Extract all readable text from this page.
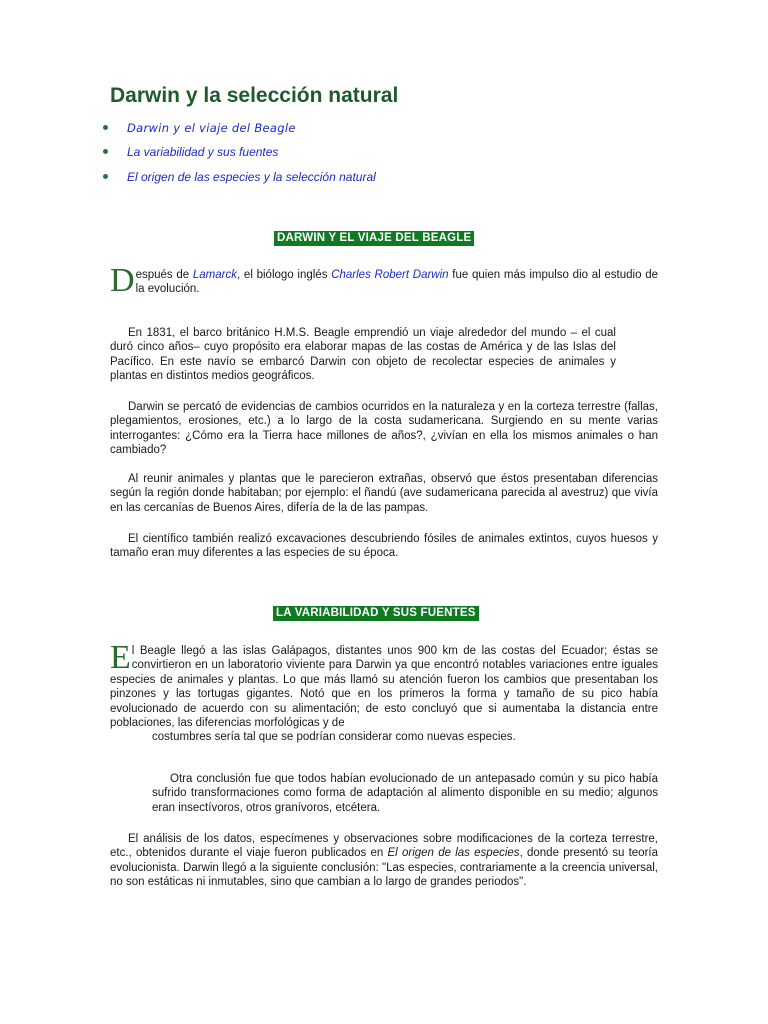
Darwin y la selección natural
Darwin y el viaje del Beagle
La variabilidad y sus fuentes
El origen de las especies y la selección natural
DARWIN Y EL VIAJE DEL BEAGLE

Después de Lamarck, el biólogo inglés Charles Robert Darwin fue quien más impulso dio al estudio de la evolución.

En 1831, el barco británico H.M.S. Beagle emprendió un viaje alrededor del mundo – el cual duró cinco años– cuyo propósito era elaborar mapas de las costas de América y de las Islas del Pacífico. En este navío se embarcó Darwin con objeto de recolectar especies de animales y plantas en distintos medios geográficos.

Darwin se percató de evidencias de cambios ocurridos en la naturaleza y en la corteza terrestre (fallas, plegamientos, erosiones, etc.) a lo largo de la costa sudamericana. Surgiendo en su mente varias interrogantes: ¿Cómo era la Tierra hace millones de años?, ¿vivían en ella los mismos animales o han cambiado?

Al reunir animales y plantas que le parecieron extrañas, observó que éstos presentaban diferencias según la región donde habitaban; por ejemplo: el ñandú (ave sudamericana parecida al avestruz) que vivía en las cercanías de Buenos Aires, difería de la de las pampas.

El científico también realizó excavaciones descubriendo fósiles de animales extintos, cuyos huesos y tamaño eran muy diferentes a las especies de su época.

LA VARIABILIDAD Y SUS FUENTES

El Beagle llegó a las islas Galápagos, distantes unos 900 km de las costas del Ecuador; éstas se convirtieron en un laboratorio viviente para Darwin ya que encontró notables variaciones entre iguales especies de animales y plantas. Lo que más llamó su atención fueron los cambios que presentaban los pinzones y las tortugas gigantes. Notó que en los primeros la forma y tamaño de su pico había evolucionado de acuerdo con su alimentación; de esto concluyó que si aumentaba la distancia entre poblaciones, las diferencias morfológicas y de
costumbres sería tal que se podrían considerar como nuevas especies.

Otra conclusión fue que todos habían evolucionado de un antepasado común y su pico había sufrido transformaciones como forma de adaptación al alimento disponible en su medio; algunos eran insectívoros, otros granívoros, etcétera.

El análisis de los datos, especímenes y observaciones sobre modificaciones de la corteza terrestre, etc., obtenidos durante el viaje fueron publicados en El origen de las especies, donde presentó su teoría evolucionista. Darwin llegó a la siguiente conclusión: "Las especies, contrariamente a la creencia universal, no son estáticas ni inmutables, sino que cambian a lo largo de grandes periodos".
